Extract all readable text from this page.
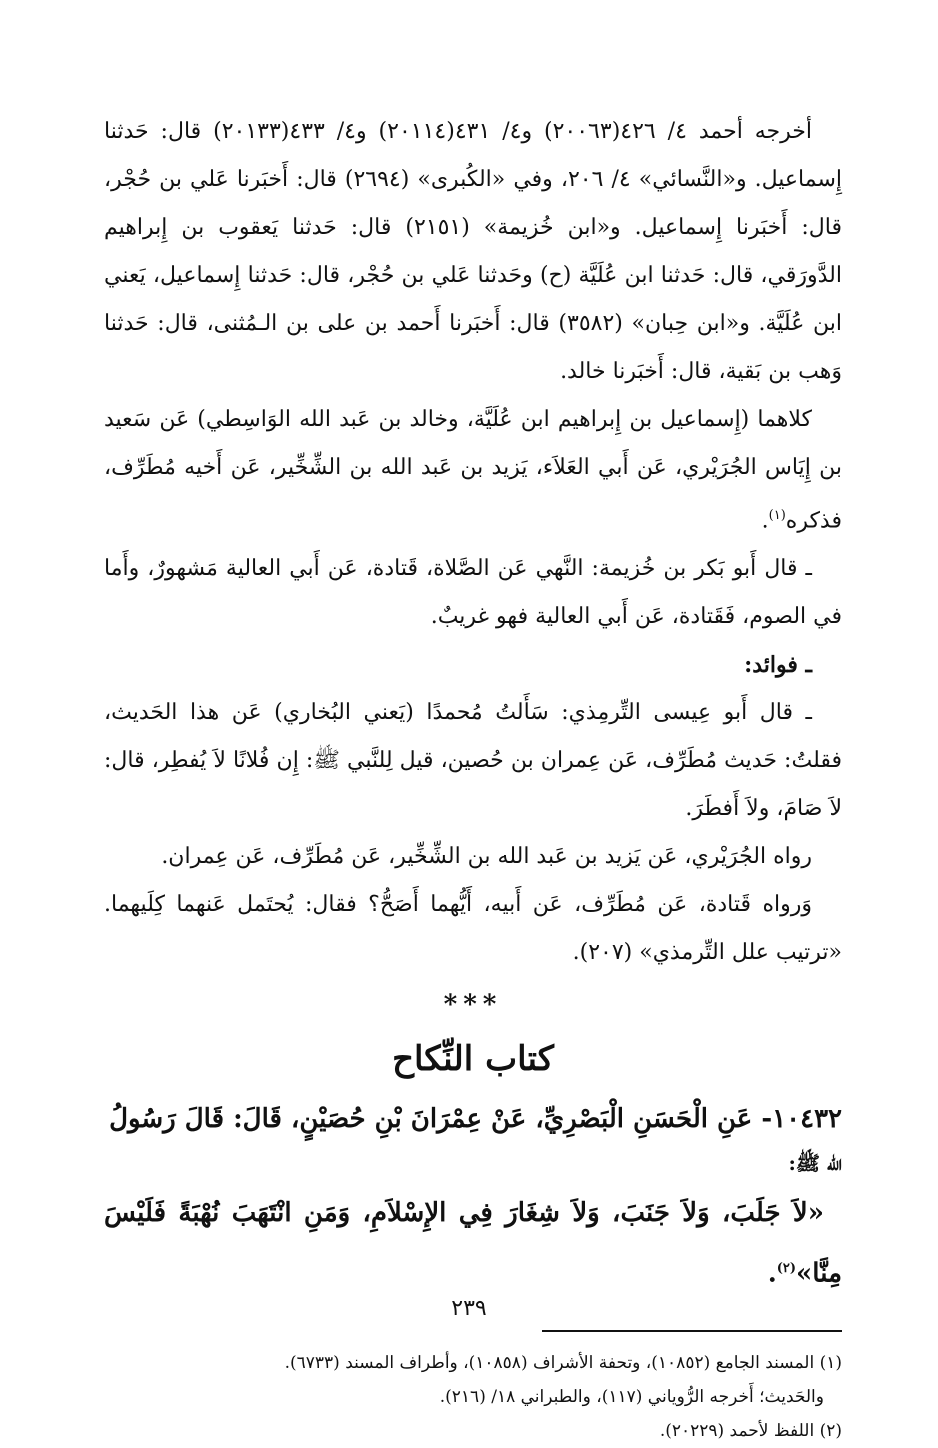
أخرجه أحمد ٤/ ٤٢٦(٢٠٠٦٣) و٤/ ٤٣١(٢٠١١٤) و٤/ ٤٣٣(٢٠١٣٣) قال: حَدثنا إِسماعيل. و«النَّسائي» ٤/ ٢٠٦، وفي «الكُبرى» (٢٦٩٤) قال: أَخبَرنا عَلي بن حُجْر، قال: أَخبَرنا إِسماعيل. و«ابن خُزيمة» (٢١٥١) قال: حَدثنا يَعقوب بن إِبراهيم الدَّورَقي، قال: حَدثنا ابن عُلَيَّة (ح) وحَدثنا عَلي بن حُجْر، قال: حَدثنا إِسماعيل، يَعني ابن عُلَيَّة. و«ابن حِبان» (٣٥٨٢) قال: أَخبَرنا أَحمد بن على بن الـمُثنى، قال: حَدثنا وَهب بن بَقية، قال: أَخبَرنا خالد.

كلاهما (إِسماعيل بن إِبراهيم ابن عُلَيَّة، وخالد بن عَبد الله الوَاسِطي) عَن سَعيد بن إِيَاس الجُرَيْري، عَن أَبي العَلاَء، يَزيد بن عَبد الله بن الشِّخِّير، عَن أَخيه مُطَرِّف، فذكره$^{(١)}$.

ـ قال أَبو بَكر بن خُزيمة: النَّهي عَن الصَّلاة، قَتادة، عَن أَبي العالية مَشهورٌ، وأَما في الصوم، فَقَتادة، عَن أَبي العالية فهو غريبٌ.

ـ فوائد:

ـ قال أَبو عِيسى التِّرمِذي: سَأَلتُ مُحمدًا (يَعني البُخاري) عَن هذا الحَديث، فقلتُ: حَديث مُطَرِّف، عَن عِمران بن حُصين، قيل لِلنَّبي ﷺ: إِن فُلانًا لاَ يُفطِر، قال: لاَ صَامَ، ولاَ أَفطَرَ.

رواه الجُرَيْري، عَن يَزيد بن عَبد الله بن الشِّخِّير، عَن مُطَرِّف، عَن عِمران.

وَرواه قَتادة، عَن مُطَرِّف، عَن أَبيه، أَيُّهما أَصَحُّ؟ فقال: يُحتَمل عَنهما كِلَيهما. «ترتيب علل التِّرمذي» (٢٠٧).

***
كتاب النِّكاح

١٠٤٣٢- عَنِ الْحَسَنِ الْبَصْرِيِّ، عَنْ عِمْرَانَ بْنِ حُصَيْنٍ، قَالَ: قَالَ رَسُولُ

الله ﷺ:

«لاَ جَلَبَ، وَلاَ جَنَبَ، وَلاَ شِغَارَ فِي الإِسْلاَمِ، وَمَنِ انْتَهَبَ نُهْبَةً فَلَيْسَ مِنَّا»$^{(٢)}$.

(١) المسند الجامع (١٠٨٥٢)، وتحفة الأشراف (١٠٨٥٨)، وأطراف المسند (٦٧٣٣).

والحَديث؛ أَخرجه الرُّوياني (١١٧)، والطبراني ١٨/ (٢١٦).

(٢) اللفظ لأحمد (٢٠٢٢٩).

٢٣٩
